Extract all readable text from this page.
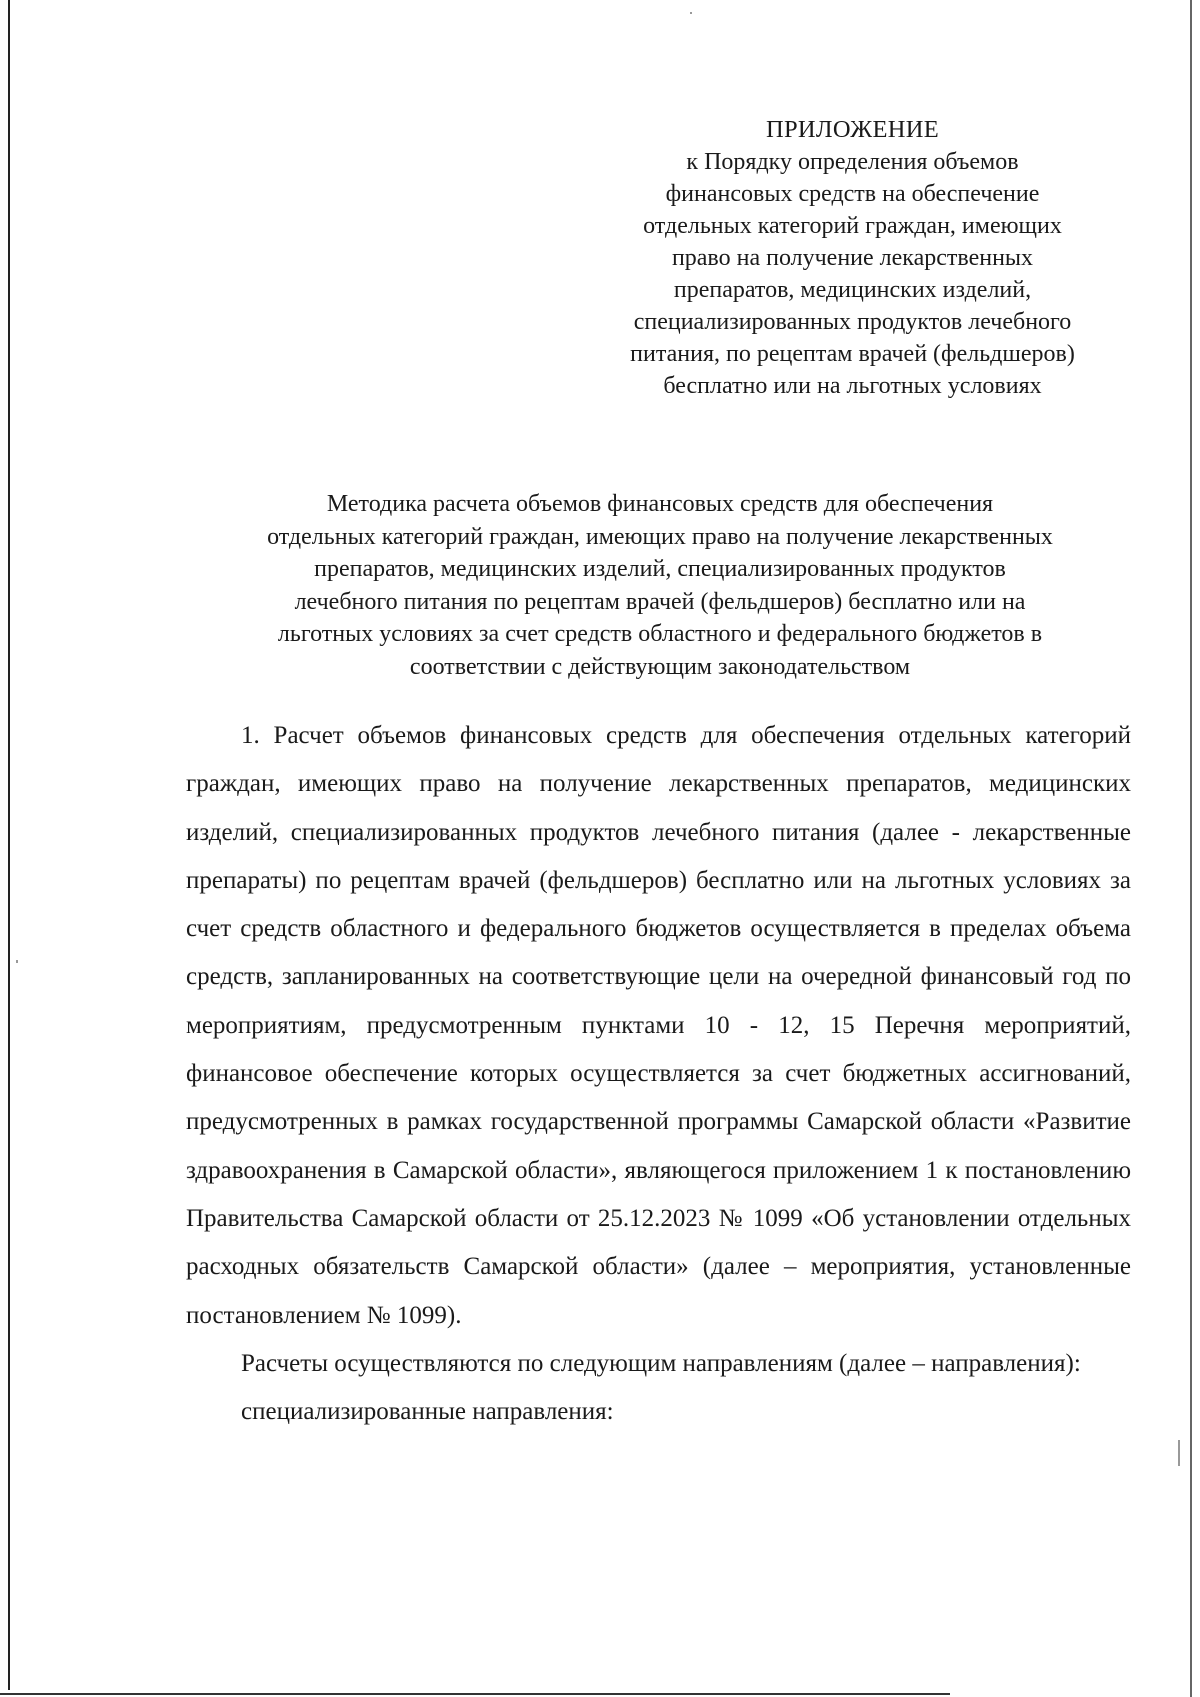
ПРИЛОЖЕНИЕ
к Порядку определения объемов
финансовых средств на обеспечение
отдельных категорий граждан, имеющих
право на получение лекарственных
препаратов, медицинских изделий,
специализированных продуктов лечебного
питания, по рецептам врачей (фельдшеров)
бесплатно или на льготных условиях
Методика расчета объемов финансовых средств для обеспечения
отдельных категорий граждан, имеющих право на получение лекарственных
препаратов, медицинских изделий, специализированных продуктов
лечебного питания по рецептам врачей (фельдшеров) бесплатно или на
льготных условиях за счет средств областного и федерального бюджетов в
соответствии с действующим законодательством

1. Расчет объемов финансовых средств для обеспечения отдельных категорий граждан, имеющих право на получение лекарственных препаратов, медицинских изделий, специализированных продуктов лечебного питания (далее - лекарственные препараты) по рецептам врачей (фельдшеров) бесплатно или на льготных условиях за счет средств областного и федерального бюджетов осуществляется в пределах объема средств, запланированных на соответствующие цели на очередной финансовый год по мероприятиям, предусмотренным пунктами 10 - 12, 15 Перечня мероприятий, финансовое обеспечение которых осуществляется за счет бюджетных ассигнований, предусмотренных в рамках государственной программы Самарской области «Развитие здравоохранения в Самарской области», являющегося приложением 1 к постановлению Правительства Самарской области от 25.12.2023 № 1099 «Об установлении отдельных расходных обязательств Самарской области» (далее – мероприятия, установленные постановлением № 1099).

Расчеты осуществляются по следующим направлениям (далее – направления):

специализированные направления:
